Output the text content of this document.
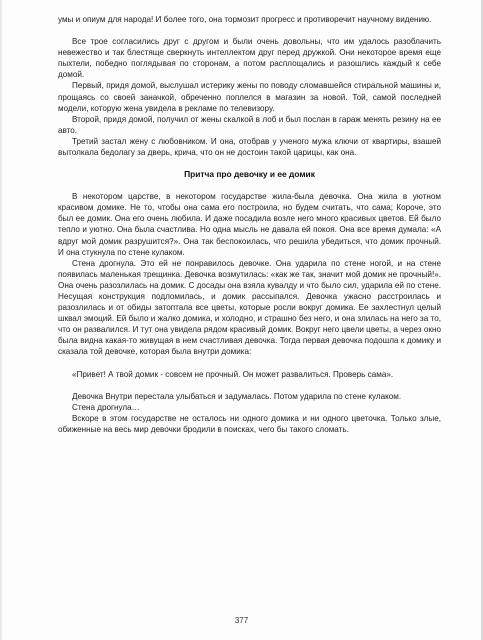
умы и опиум для народа! И более того, она тормозит прогресс и противоречит научному видению.

Все трое согласились друг с другом и были очень довольны, что им удалось разоблачить невежество и так блестяще сверкнуть интеллектом друг перед дружкой. Они некоторое время еще пыхтели, победно поглядывая по сторонам, а потом расплощались и разошлись каждый к себе домой.

Первый, придя домой, выслушал истерику жены по поводу сломавшейся стиральной машины и, прощаясь со своей заначкой, обреченно поплелся в магазин за новой. Той, самой последней модели, которую жена увидела в рекламе по телевизору.

Второй, придя домой, получил от жены скалкой в лоб и был послан в гараж менять резину на ее авто.

Третий застал жену с любовником. И она, отобрав у ученого мужа ключи от квартиры, взашей вытолкала бедолагу за дверь, крича, что он не достоин такой царицы, как она.

Притча про девочку и ее домик

В некотором царстве, в некотором государстве жила-была девочка. Она жила в уютном красивом домике. Не то, чтобы она сама его построила, но будем считать, что сама; Короче, это был ее домик. Она его очень любила. И даже посадила возле него много красивых цветов. Ей было тепло и уютно. Она была счастлива. Но одна мысль не давала ей покоя. Она все время думала: «А вдруг мой домик разрушится?». Она так беспокоилась, что решила убедиться, что домик прочный. И она стукнула по стене кулаком.

Стена дрогнула. Это ей не понравилось девочке. Она ударила по стене ногой, и на стене появилась маленькая трещинка. Девочка возмутилась: «как же так, значит мой домик не прочный!». Она очень разозлилась на домик. С досады она взяла кувалду и что было сил, ударила ей по стене. Несущая конструкция подломилась, и домик рассыпался. Девочка ужасно расстроилась и разозлилась и от обиды затоптала все цветы, которые росли вокруг домика. Ее захлестнул целый шквал эмоций. Ей было и жалко домика, и холодно, и страшно без него, и она злилась на него за то, что он развалился. И тут она увидела рядом красивый домик. Вокруг него цвели цветы, а через окно была видна какая-то живущая в нем счастливая девочка. Тогда первая девочка подошла к домику и сказала той девочке, которая была внутри домика:

«Привет! А твой домик - совсем не прочный. Он может развалиться. Проверь сама».

Девочка Внутри перестала улыбаться и задумалась. Потом ударила по стене кулаком.

Стена дрогнула…

Вскоре в этом государстве не осталось ни одного домика и ни одного цветочка. Только злые, обиженные на весь мир девочки бродили в поисках, чего бы такого сломать.

377
